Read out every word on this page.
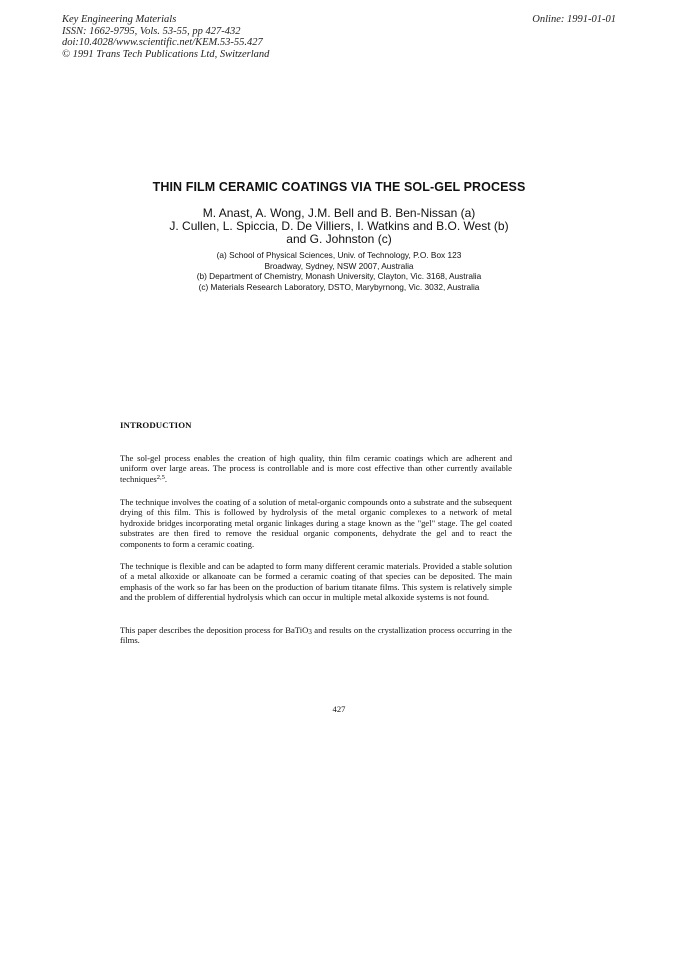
Key Engineering Materials
ISSN: 1662-9795, Vols. 53-55, pp 427-432
doi:10.4028/www.scientific.net/KEM.53-55.427
© 1991 Trans Tech Publications Ltd, Switzerland
Online: 1991-01-01
THIN FILM CERAMIC COATINGS VIA THE SOL-GEL PROCESS
M. Anast, A. Wong, J.M. Bell and B. Ben-Nissan (a)
J. Cullen, L. Spiccia, D. De Villiers, I. Watkins and B.O. West (b)
and G. Johnston (c)
(a) School of Physical Sciences, Univ. of Technology, P.O. Box 123
Broadway, Sydney, NSW 2007, Australia
(b) Department of Chemistry, Monash University, Clayton, Vic. 3168, Australia
(c) Materials Research Laboratory, DSTO, Marybyrnong, Vic. 3032, Australia
INTRODUCTION
The sol-gel process enables the creation of high quality, thin film ceramic coatings which are adherent and uniform over large areas. The process is controllable and is more cost effective than other currently available techniques$^{2,5}$.
The technique involves the coating of a solution of metal-organic compounds onto a substrate and the subsequent drying of this film. This is followed by hydrolysis of the metal organic complexes to a network of metal hydroxide bridges incorporating metal organic linkages during a stage known as the "gel" stage. The gel coated substrates are then fired to remove the residual organic components, dehydrate the gel and to react the components to form a ceramic coating.
The technique is flexible and can be adapted to form many different ceramic materials. Provided a stable solution of a metal alkoxide or alkanoate can be formed a ceramic coating of that species can be deposited. The main emphasis of the work so far has been on the production of barium titanate films. This system is relatively simple and the problem of differential hydrolysis which can occur in multiple metal alkoxide systems is not found.
This paper describes the deposition process for BaTiO$_3$ and results on the crystallization process occurring in the films.
427
